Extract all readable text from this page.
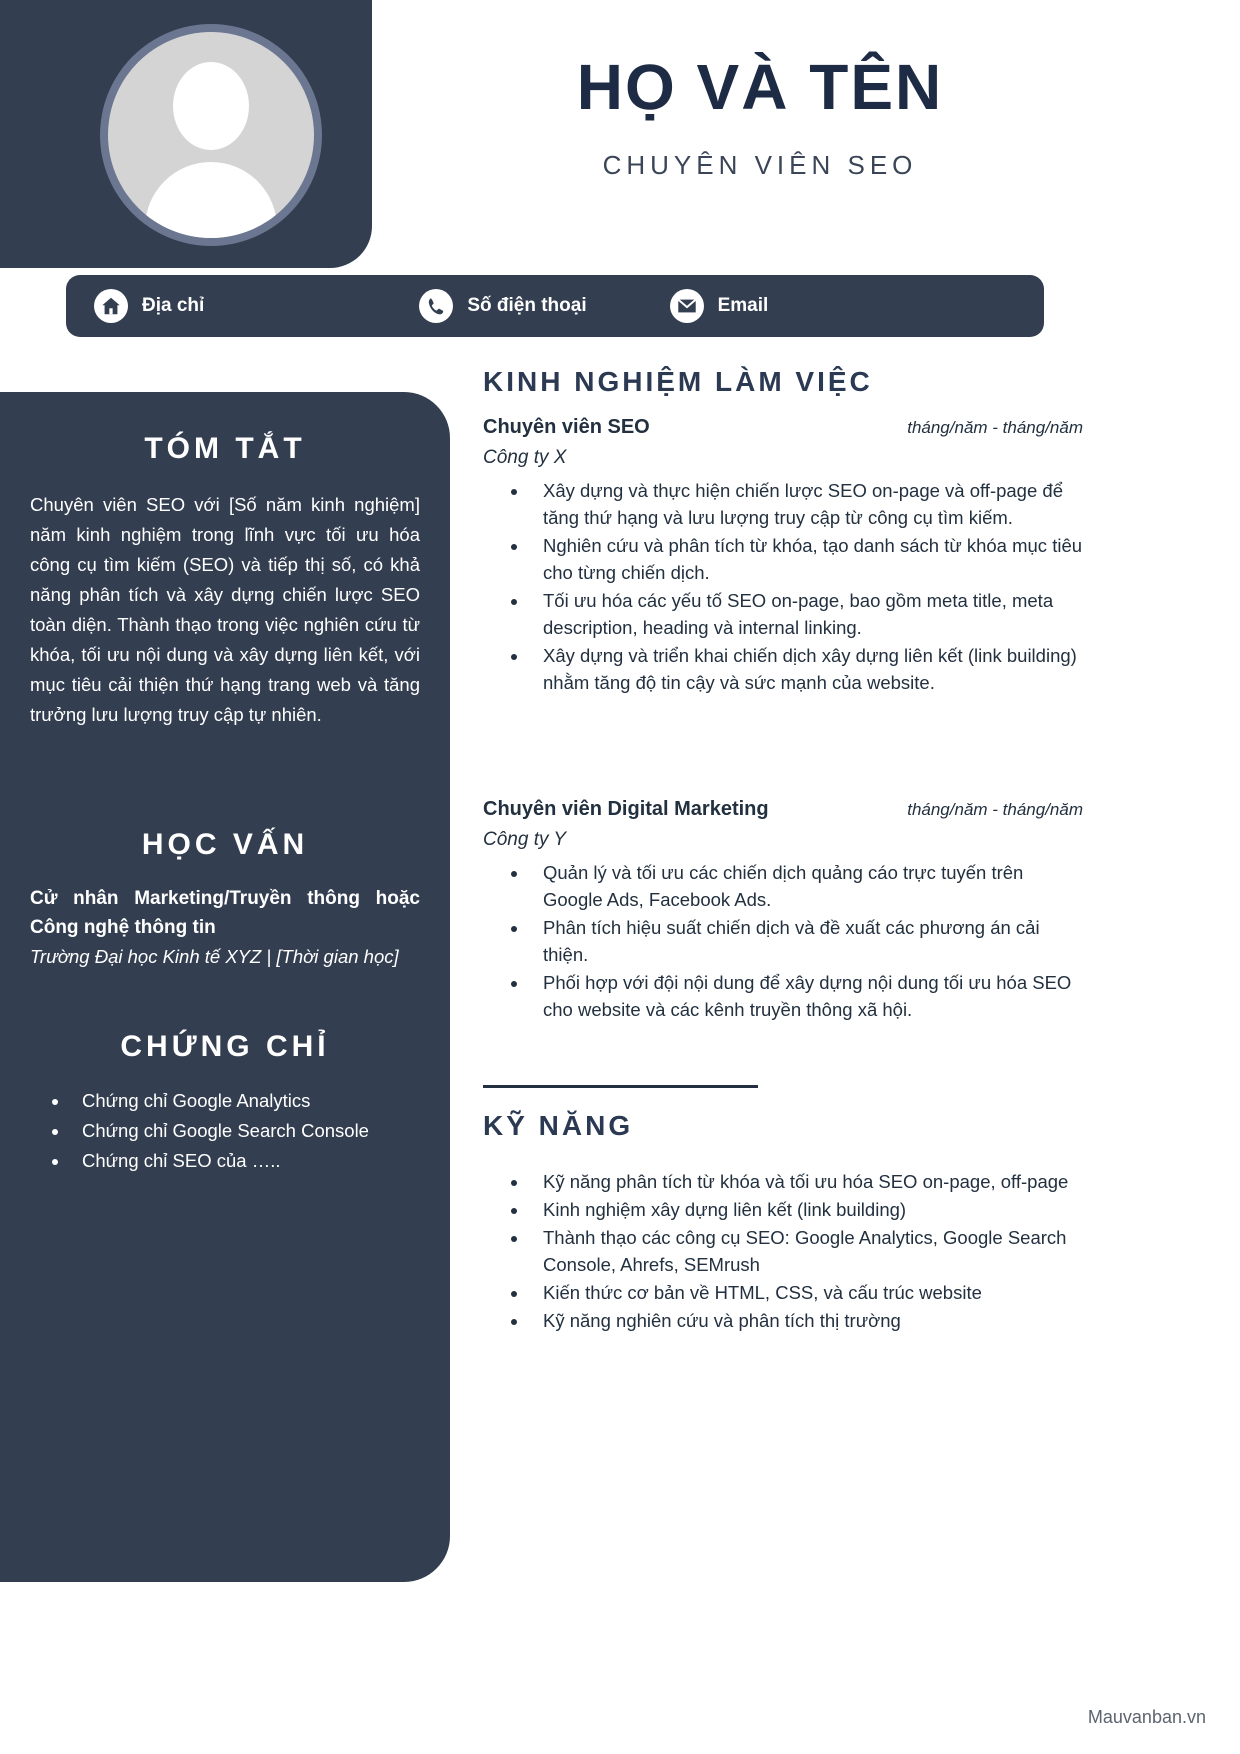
HỌ VÀ TÊN
CHUYÊN VIÊN SEO
Địa chỉ	Số điện thoại	Email
TÓM TẮT
Chuyên viên SEO với [Số năm kinh nghiệm] năm kinh nghiệm trong lĩnh vực tối ưu hóa công cụ tìm kiếm (SEO) và tiếp thị số, có khả năng phân tích và xây dựng chiến lược SEO toàn diện. Thành thạo trong việc nghiên cứu từ khóa, tối ưu nội dung và xây dựng liên kết, với mục tiêu cải thiện thứ hạng trang web và tăng trưởng lưu lượng truy cập tự nhiên.
HỌC VẤN
Cử nhân Marketing/Truyền thông hoặc Công nghệ thông tin
Trường Đại học Kinh tế XYZ | [Thời gian học]
CHỨNG CHỈ
• Chứng chỉ Google Analytics
• Chứng chỉ Google Search Console
• Chứng chỉ SEO của …..
KINH NGHIỆM LÀM VIỆC
Chuyên viên SEO	tháng/năm - tháng/năm
Công ty X
• Xây dựng và thực hiện chiến lược SEO on-page và off-page để tăng thứ hạng và lưu lượng truy cập từ công cụ tìm kiếm.
• Nghiên cứu và phân tích từ khóa, tạo danh sách từ khóa mục tiêu cho từng chiến dịch.
• Tối ưu hóa các yếu tố SEO on-page, bao gồm meta title, meta description, heading và internal linking.
• Xây dựng và triển khai chiến dịch xây dựng liên kết (link building) nhằm tăng độ tin cậy và sức mạnh của website.
Chuyên viên Digital Marketing	tháng/năm - tháng/năm
Công ty Y
• Quản lý và tối ưu các chiến dịch quảng cáo trực tuyến trên Google Ads, Facebook Ads.
• Phân tích hiệu suất chiến dịch và đề xuất các phương án cải thiện.
• Phối hợp với đội nội dung để xây dựng nội dung tối ưu hóa SEO cho website và các kênh truyền thông xã hội.
KỸ NĂNG
• Kỹ năng phân tích từ khóa và tối ưu hóa SEO on-page, off-page
• Kinh nghiệm xây dựng liên kết (link building)
• Thành thạo các công cụ SEO: Google Analytics, Google Search Console, Ahrefs, SEMrush
• Kiến thức cơ bản về HTML, CSS, và cấu trúc website
• Kỹ năng nghiên cứu và phân tích thị trường
Mauvanban.vn
